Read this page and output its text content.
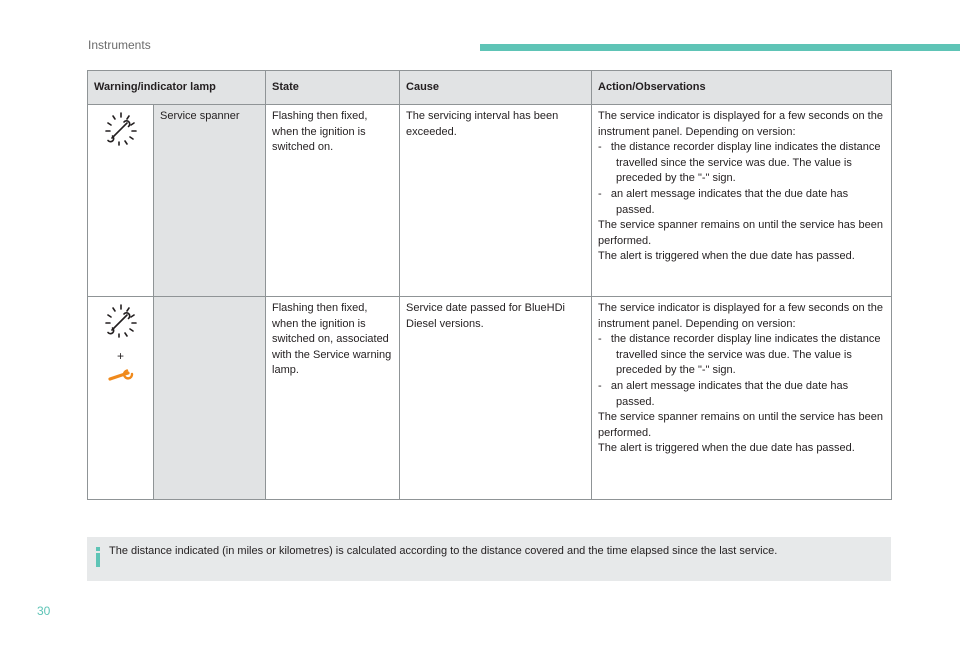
Instruments
Warning/indicator lamp		State	Cause	Action/Observations
	Service spanner	Flashing then fixed, when the ignition is switched on.	The servicing interval has been exceeded.	The service indicator is displayed for a few seconds on the instrument panel. Depending on version:
-   the distance recorder display line indicates the distance travelled since the service was due. The value is preceded by the "-" sign.
-   an alert message indicates that the due date has passed.
The service spanner remains on until the service has been performed.
The alert is triggered when the due date has passed.

+		Flashing then fixed, when the ignition is switched on, associated with the Service warning lamp.	Service date passed for BlueHDi Diesel versions.	The service indicator is displayed for a few seconds on the instrument panel. Depending on version:
-   the distance recorder display line indicates the distance travelled since the service was due. The value is preceded by the "-" sign.
-   an alert message indicates that the due date has passed.
The service spanner remains on until the service has been performed.
The alert is triggered when the due date has passed.
The distance indicated (in miles or kilometres) is calculated according to the distance covered and the time elapsed since the last service.
30
